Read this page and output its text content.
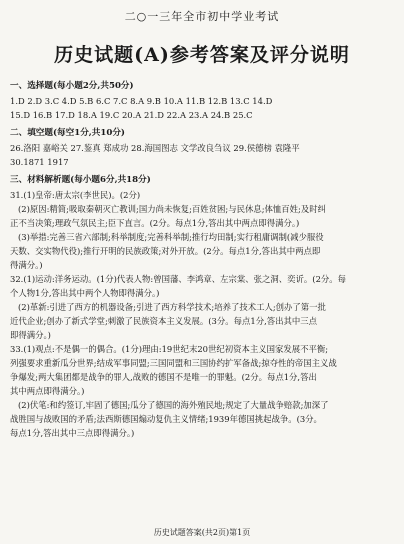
二○一三年全市初中学业考试
历史试题(A)参考答案及评分说明
一、选择题(每小题2分,共50分)

1.D 2.D 3.C 4.D 5.B 6.C 7.C 8.A 9.B 10.A 11.B 12.B 13.C 14.D

15.D 16.B 17.D 18.A 19.C 20.A 21.D 22.A 23.A 24.B 25.C

二、填空题(每空1分,共10分)

26.洛阳 嘉峪关 27.鉴真 郑成功 28.海国图志 文学改良刍议 29.侯德榜 袁隆平

30.1871 1917

三、材料解析题(每小题6分,共18分)

31.(1)皇帝:唐太宗(李世民)。(2分)

(2)原因:精简;吸取秦朝灭亡教训;国力尚未恢复;百姓贫困;与民休息;体恤百姓;及时纠

正不当决策;理政气氛民主;臣下直言。(2分。每点1分,答出其中两点即得满分。)

(3)举措:完善三省六部制;科举制度;完善科举制;推行均田制;实行租庸调制(减少服役

天数、交实物代役);推行开明的民族政策;对外开放。(2分。每点1分,答出其中两点即

得满分。)

32.(1)运动:洋务运动。(1分)代表人物:曾国藩、李鸿章、左宗棠、张之洞、奕䜣。(2分。每

个人物1分,答出其中两个人物即得满分。)

(2)革新:引进了西方的机器设备;引进了西方科学技术;培养了技术工人;创办了第一批

近代企业;创办了新式学堂;刺激了民族资本主义发展。(3分。每点1分,答出其中三点

即得满分。)

33.(1)观点:不是偶一的偶合。(1分)理由:19世纪末20世纪初资本主义国家发展不平衡;

列强要求重新瓜分世界;结成军事同盟;三国同盟和三国协约扩军备战;掠夺性的帝国主义战

争爆发;两大集团都是战争的罪人,战败的德国不是唯一的罪魁。(2分。每点1分,答出

其中两点即得满分。)

(2)伏笔:和约签订,牢固了德国;瓜分了德国的海外殖民地;规定了大量战争赔款;加深了

战胜国与战败国的矛盾;法西斯德国煽动复仇主义情绪;1939年德国挑起战争。(3分。

每点1分,答出其中三点即得满分。)

历史试题答案(共2页)第1页
